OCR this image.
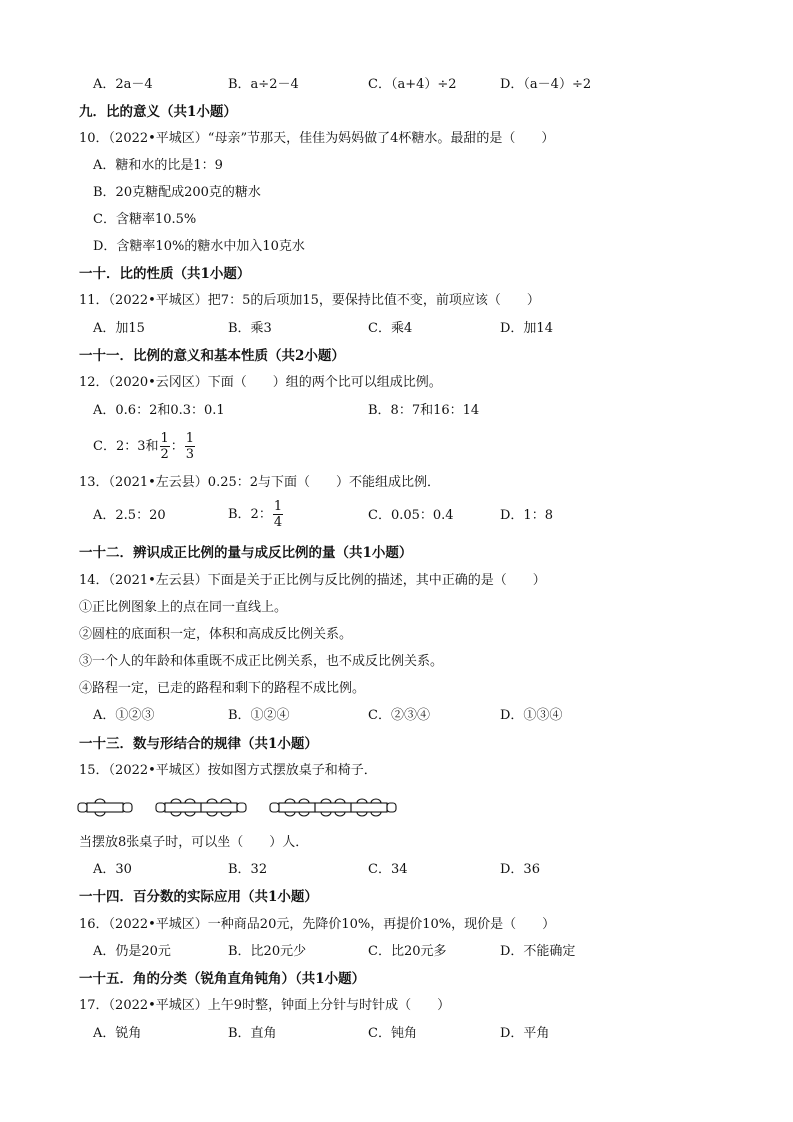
A．2a－4	B．a÷2－4	C．（a+4）÷2	D．（a－4）÷2
九．比的意义（共1小题）
10．（2022•平城区）“母亲”节那天，佳佳为妈妈做了4杯糖水。最甜的是（　　）
A．糖和水的比是1：9
B．20克糖配成200克的糖水
C．含糖率10.5%
D．含糖率10%的糖水中加入10克水
一十．比的性质（共1小题）
11．（2022•平城区）把7：5的后项加15，要保持比值不变，前项应该（　　）
A．加15	B．乘3	C．乘4	D．加14
一十一．比例的意义和基本性质（共2小题）
12．（2020•云冈区）下面（　　）组的两个比可以组成比例。
A．0.6：2和0.3：0.1	B．8：7和16：14
C．2：3和 $\frac{1}{2}$ ： $\frac{1}{3}$
13．（2021•左云县）0.25：2与下面（　　）不能组成比例．
A．2.5：20	B．2： $\frac{1}{4}$	C．0.05：0.4	D．1：8
一十二．辨识成正比例的量与成反比例的量（共1小题）
14．（2021•左云县）下面是关于正比例与反比例的描述，其中正确的是（　　）
①正比例图象上的点在同一直线上。
②圆柱的底面积一定，体积和高成反比例关系。
③一个人的年龄和体重既不成正比例关系，也不成反比例关系。
④路程一定，已走的路程和剩下的路程不成比例。
A．①②③	B．①②④	C．②③④	D．①③④
一十三．数与形结合的规律（共1小题）
15．（2022•平城区）按如图方式摆放桌子和椅子．
当摆放8张桌子时，可以坐（　　）人．
A．30	B．32	C．34	D．36
一十四．百分数的实际应用（共1小题）
16．（2022•平城区）一种商品20元，先降价10%，再提价10%，现价是（　　）
A．仍是20元	B．比20元少	C．比20元多	D．不能确定
一十五．角的分类（锐角直角钝角）（共1小题）
17．（2022•平城区）上午9时整，钟面上分针与时针成（　　）
A．锐角	B．直角	C．钝角	D．平角
